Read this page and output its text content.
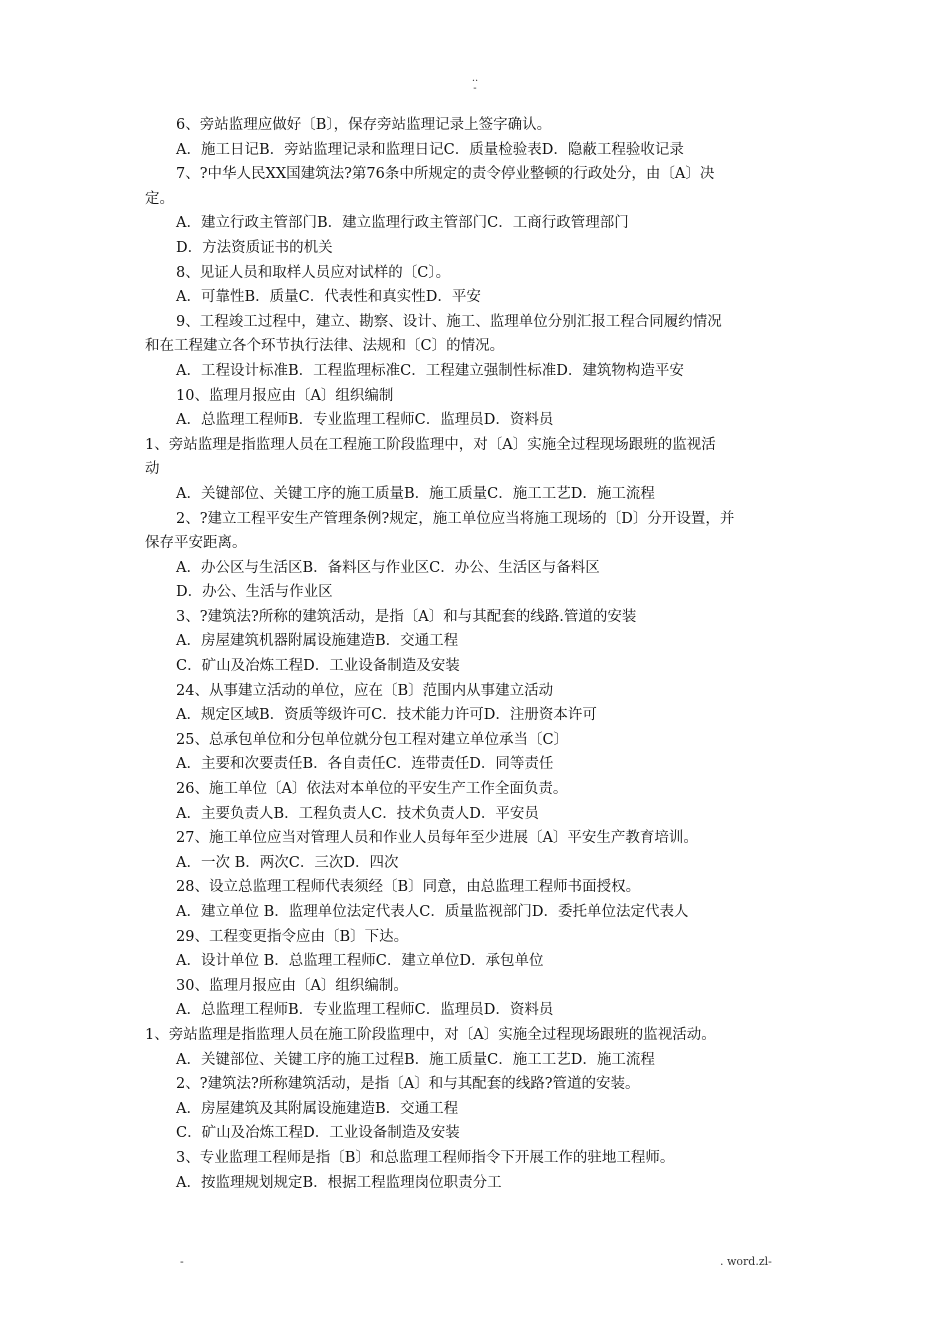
..
-
6、旁站监理应做好〔B〕，保存旁站监理记录上签字确认。
A．施工日记B．旁站监理记录和监理日记C．质量检验表D．隐蔽工程验收记录
7、?中华人民XX国建筑法?第76条中所规定的责令停业整顿的行政处分，由〔A〕决
定。
A．建立行政主管部门B．建立监理行政主管部门C．工商行政管理部门
D．方法资质证书的机关
8、见证人员和取样人员应对试样的〔C〕。
A．可靠性B．质量C．代表性和真实性D．平安
9、工程竣工过程中，建立、勘察、设计、施工、监理单位分别汇报工程合同履约情况
和在工程建立各个环节执行法律、法规和〔C〕的情况。
A．工程设计标准B．工程监理标准C．工程建立强制性标准D．建筑物构造平安
10、监理月报应由〔A〕组织编制
A．总监理工程师B．专业监理工程师C．监理员D．资料员
1、旁站监理是指监理人员在工程施工阶段监理中，对〔A〕实施全过程现场跟班的监视活
动
A．关键部位、关键工序的施工质量B．施工质量C．施工工艺D．施工流程
2、?建立工程平安生产管理条例?规定，施工单位应当将施工现场的〔D〕分开设置，并
保存平安距离。
A．办公区与生活区B．备料区与作业区C．办公、生活区与备料区
D．办公、生活与作业区
3、?建筑法?所称的建筑活动，是指〔A〕和与其配套的线路.管道的安装
A．房屋建筑机器附属设施建造B．交通工程
C．矿山及冶炼工程D．工业设备制造及安装
24、从事建立活动的单位，应在〔B〕范围内从事建立活动
A．规定区域B．资质等级许可C．技术能力许可D．注册资本许可
25、总承包单位和分包单位就分包工程对建立单位承当〔C〕
A．主要和次要责任B．各自责任C．连带责任D．同等责任
26、施工单位〔A〕依法对本单位的平安生产工作全面负责。
A．主要负责人B．工程负责人C．技术负责人D．平安员
27、施工单位应当对管理人员和作业人员每年至少进展〔A〕平安生产教育培训。
A．一次 B．两次C．三次D．四次
28、设立总监理工程师代表须经〔B〕同意，由总监理工程师书面授权。
A．建立单位 B．监理单位法定代表人C．质量监视部门D．委托单位法定代表人
29、工程变更指令应由〔B〕下达。
A．设计单位 B．总监理工程师C．建立单位D．承包单位
30、监理月报应由〔A〕组织编制。
A．总监理工程师B．专业监理工程师C．监理员D．资料员
1、旁站监理是指监理人员在施工阶段监理中，对〔A〕实施全过程现场跟班的监视活动。
A．关键部位、关键工序的施工过程B．施工质量C．施工工艺D．施工流程
2、?建筑法?所称建筑活动，是指〔A〕和与其配套的线路?管道的安装。
A．房屋建筑及其附属设施建造B．交通工程
C．矿山及冶炼工程D．工业设备制造及安装
3、专业监理工程师是指〔B〕和总监理工程师指令下开展工作的驻地工程师。
A．按监理规划规定B．根据工程监理岗位职责分工
-	. word.zl-
